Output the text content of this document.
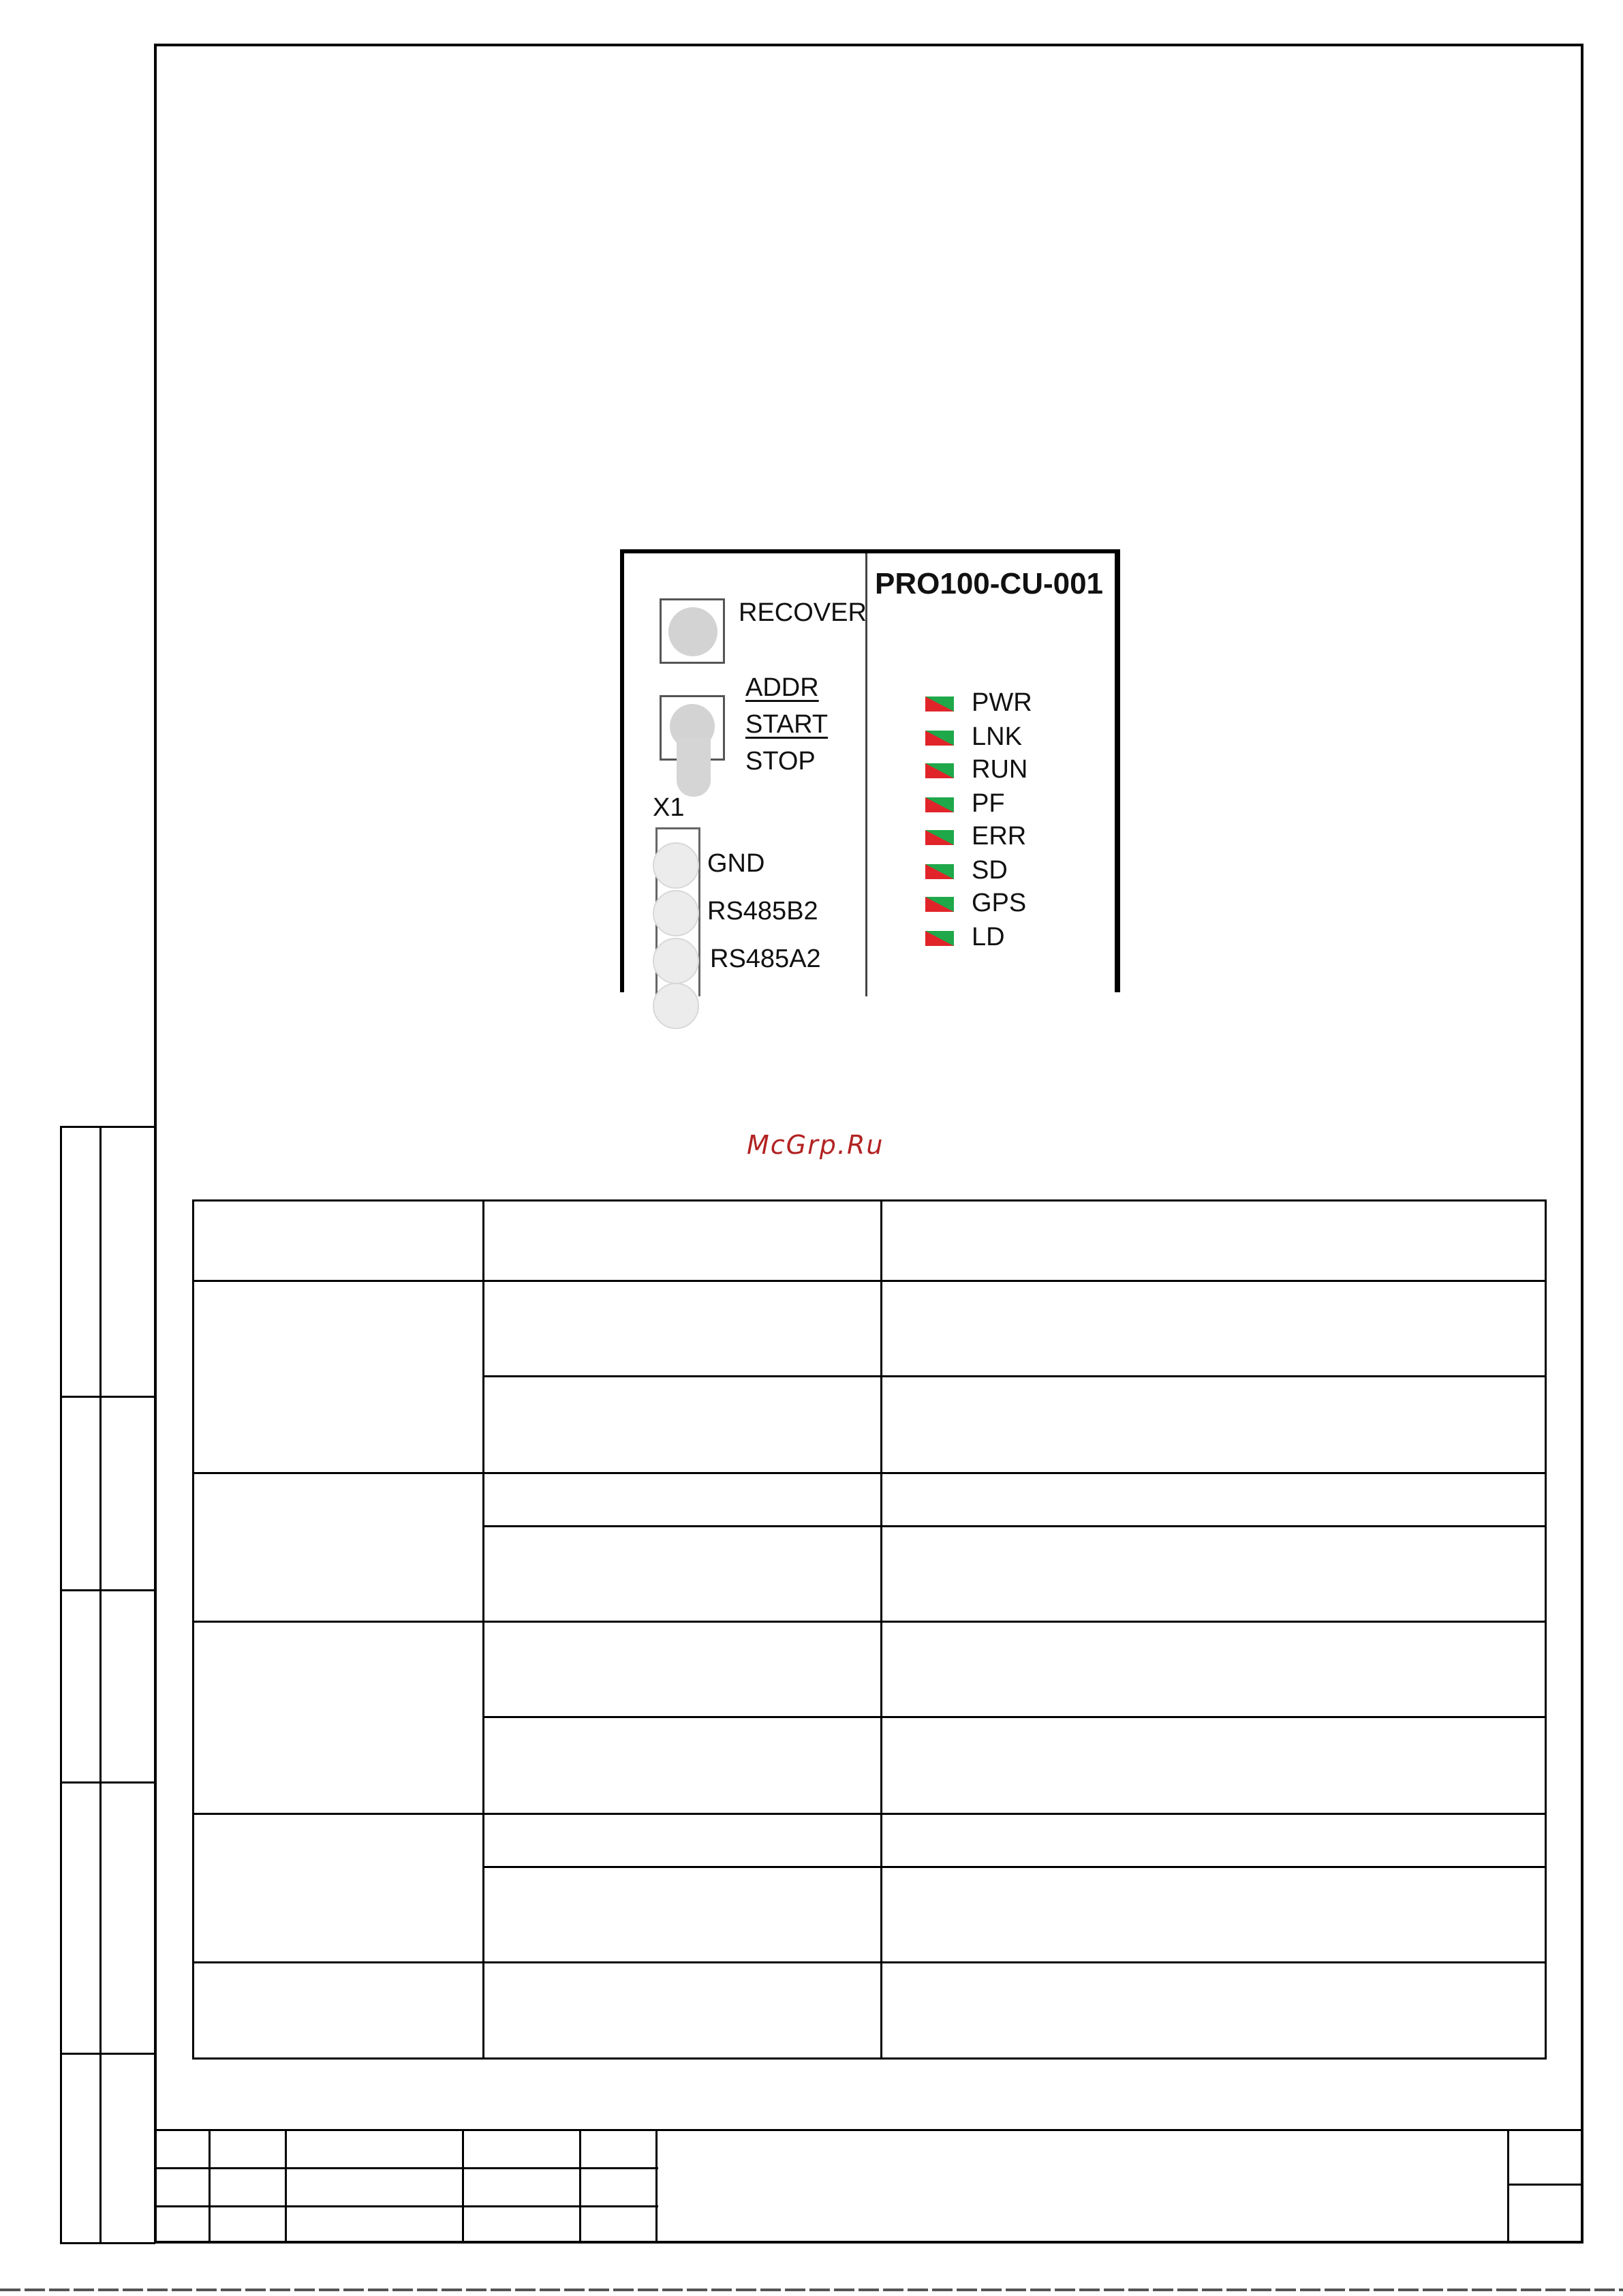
PRO100-CU-001
RECOVER
ADDR
START
STOP
X1
GND
RS485B2
RS485A2
PWR
LNK
RUN
PF
ERR
SD
GPS
LD
McGrp.Ru
